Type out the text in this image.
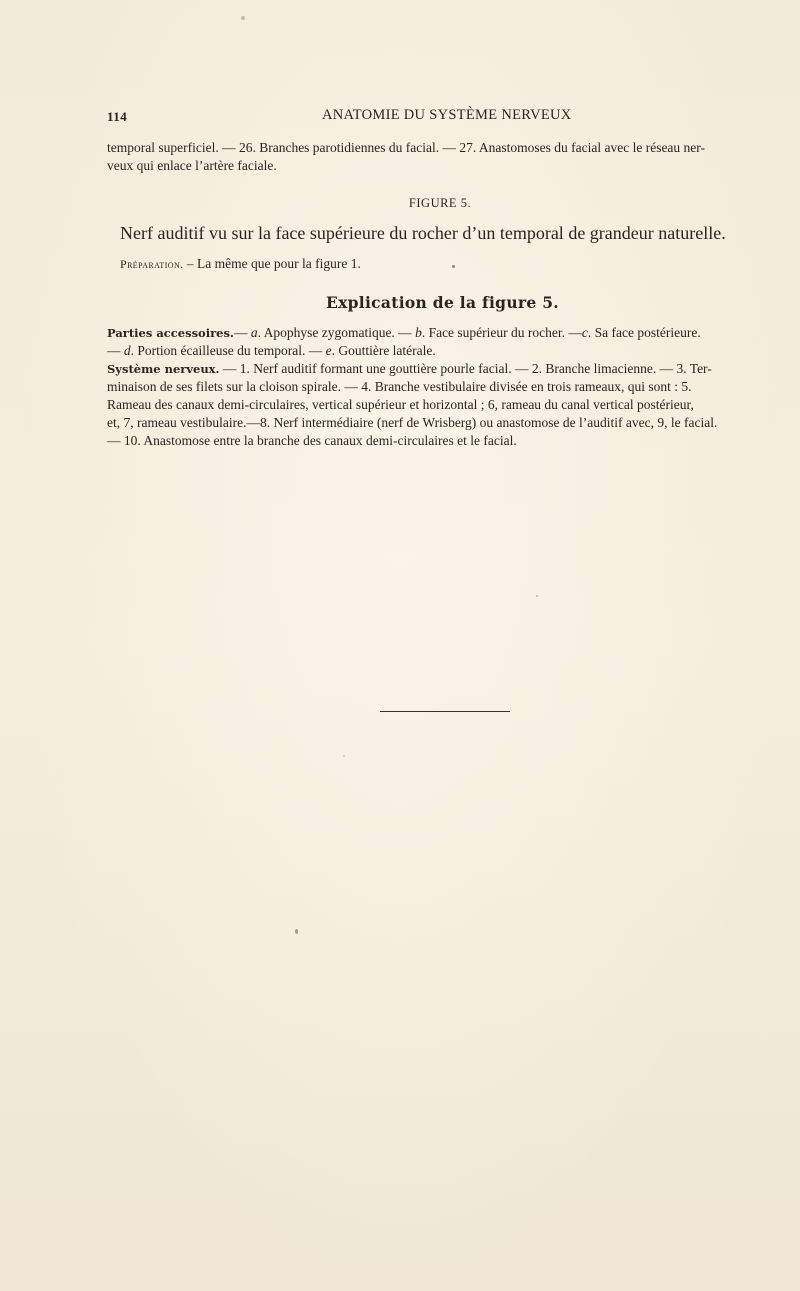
114	ANATOMIE DU SYSTÈME NERVEUX

temporal superficiel. — 26. Branches parotidiennes du facial. — 27. Anastomoses du facial avec le réseau ner-
veux qui enlace l’artère faciale.

FIGURE 5.
Nerf auditif vu sur la face supérieure du rocher d’un temporal de grandeur naturelle.
Préparation. – La même que pour la figure 1.
Explication de la figure 5.

Parties accessoires.— a. Apophyse zygomatique. — b. Face supérieur du rocher. —c. Sa face postérieure.
— d. Portion écailleuse du temporal. — e. Gouttière latérale.

Système nerveux. — 1. Nerf auditif formant une gouttière pourle facial. — 2. Branche limacienne. — 3. Ter-
minaison de ses filets sur la cloison spirale. — 4. Branche vestibulaire divisée en trois rameaux, qui sont : 5.
Rameau des canaux demi-circulaires, vertical supérieur et horizontal ; 6, rameau du canal vertical postérieur,
et, 7, rameau vestibulaire.—8. Nerf intermédiaire (nerf de Wrisberg) ou anastomose de l’auditif avec, 9, le facial.
— 10. Anastomose entre la branche des canaux demi-circulaires et le facial.
